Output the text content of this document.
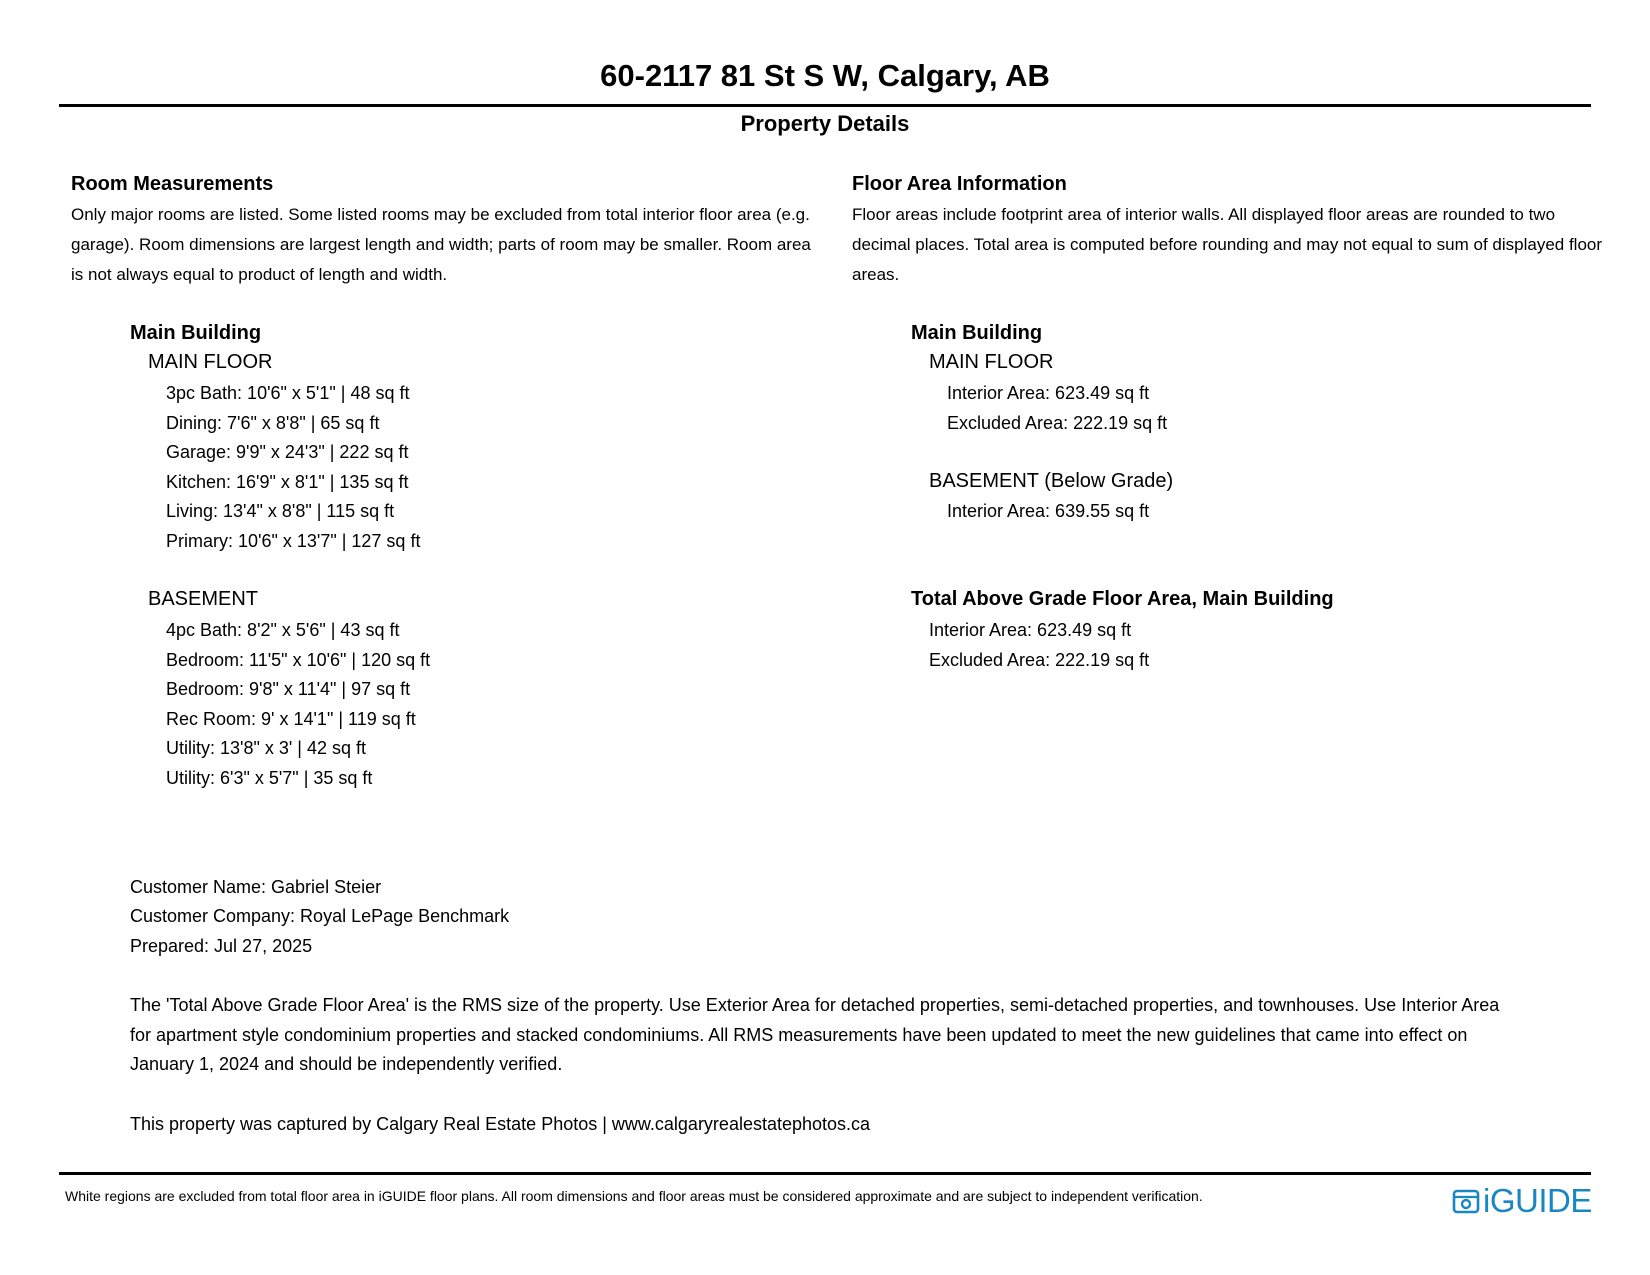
60-2117 81 St S W, Calgary, AB
Property Details
Room Measurements
Only major rooms are listed. Some listed rooms may be excluded from total interior floor area (e.g. garage). Room dimensions are largest length and width; parts of room may be smaller. Room area is not always equal to product of length and width.
Main Building
MAIN FLOOR
3pc Bath: 10'6" x 5'1" | 48 sq ft
Dining: 7'6" x 8'8" | 65 sq ft
Garage: 9'9" x 24'3" | 222 sq ft
Kitchen: 16'9" x 8'1" | 135 sq ft
Living: 13'4" x 8'8" | 115 sq ft
Primary: 10'6" x 13'7" | 127 sq ft
BASEMENT
4pc Bath: 8'2" x 5'6" | 43 sq ft
Bedroom: 11'5" x 10'6" | 120 sq ft
Bedroom: 9'8" x 11'4" | 97 sq ft
Rec Room: 9' x 14'1" | 119 sq ft
Utility: 13'8" x 3' | 42 sq ft
Utility: 6'3" x 5'7" | 35 sq ft
Floor Area Information
Floor areas include footprint area of interior walls. All displayed floor areas are rounded to two decimal places. Total area is computed before rounding and may not equal to sum of displayed floor areas.
Main Building
MAIN FLOOR
Interior Area: 623.49 sq ft
Excluded Area: 222.19 sq ft
BASEMENT (Below Grade)
Interior Area: 639.55 sq ft
Total Above Grade Floor Area, Main Building
Interior Area: 623.49 sq ft
Excluded Area: 222.19 sq ft
Customer Name: Gabriel Steier
Customer Company: Royal LePage Benchmark
Prepared: Jul 27, 2025
The 'Total Above Grade Floor Area' is the RMS size of the property. Use Exterior Area for detached properties, semi-detached properties, and townhouses. Use Interior Area for apartment style condominium properties and stacked condominiums. All RMS measurements have been updated to meet the new guidelines that came into effect on January 1, 2024 and should be independently verified.
This property was captured by Calgary Real Estate Photos | www.calgaryrealestatephotos.ca
White regions are excluded from total floor area in iGUIDE floor plans. All room dimensions and floor areas must be considered approximate and are subject to independent verification.	iGUIDE
